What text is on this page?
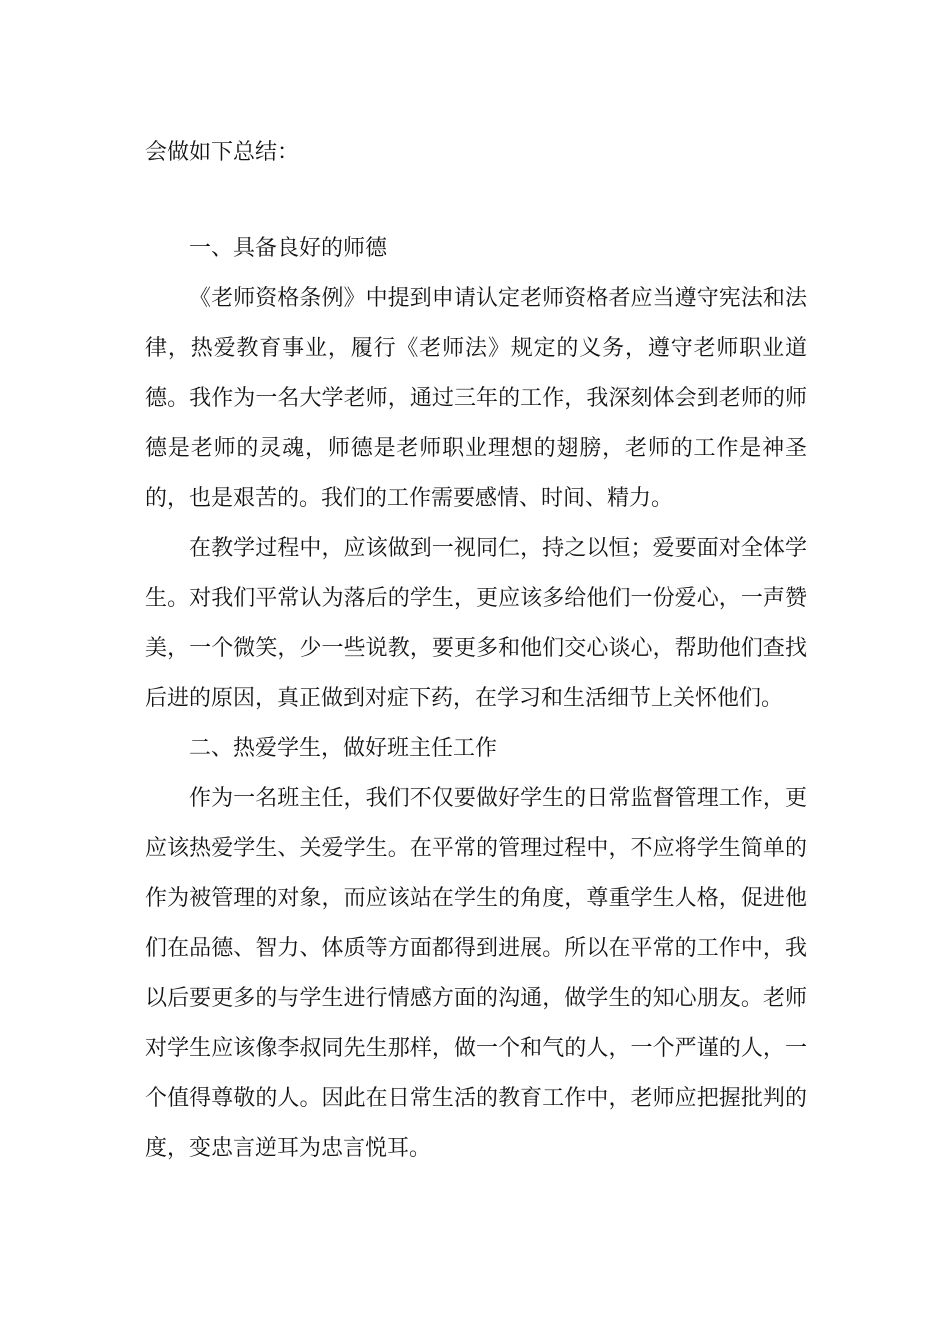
会做如下总结：

一、具备良好的师德

《老师资格条例》中提到申请认定老师资格者应当遵守宪法和法律，热爱教育事业，履行《老师法》规定的义务，遵守老师职业道德。我作为一名大学老师，通过三年的工作，我深刻体会到老师的师德是老师的灵魂，师德是老师职业理想的翅膀，老师的工作是神圣的，也是艰苦的。我们的工作需要感情、时间、精力。

在教学过程中，应该做到一视同仁，持之以恒；爱要面对全体学生。对我们平常认为落后的学生，更应该多给他们一份爱心，一声赞美，一个微笑，少一些说教，要更多和他们交心谈心，帮助他们查找后进的原因，真正做到对症下药，在学习和生活细节上关怀他们。

二、热爱学生，做好班主任工作

作为一名班主任，我们不仅要做好学生的日常监督管理工作，更应该热爱学生、关爱学生。在平常的管理过程中，不应将学生简单的作为被管理的对象，而应该站在学生的角度，尊重学生人格，促进他们在品德、智力、体质等方面都得到进展。所以在平常的工作中，我以后要更多的与学生进行情感方面的沟通，做学生的知心朋友。老师对学生应该像李叔同先生那样，做一个和气的人，一个严谨的人，一个值得尊敬的人。因此在日常生活的教育工作中，老师应把握批判的度，变忠言逆耳为忠言悦耳。
